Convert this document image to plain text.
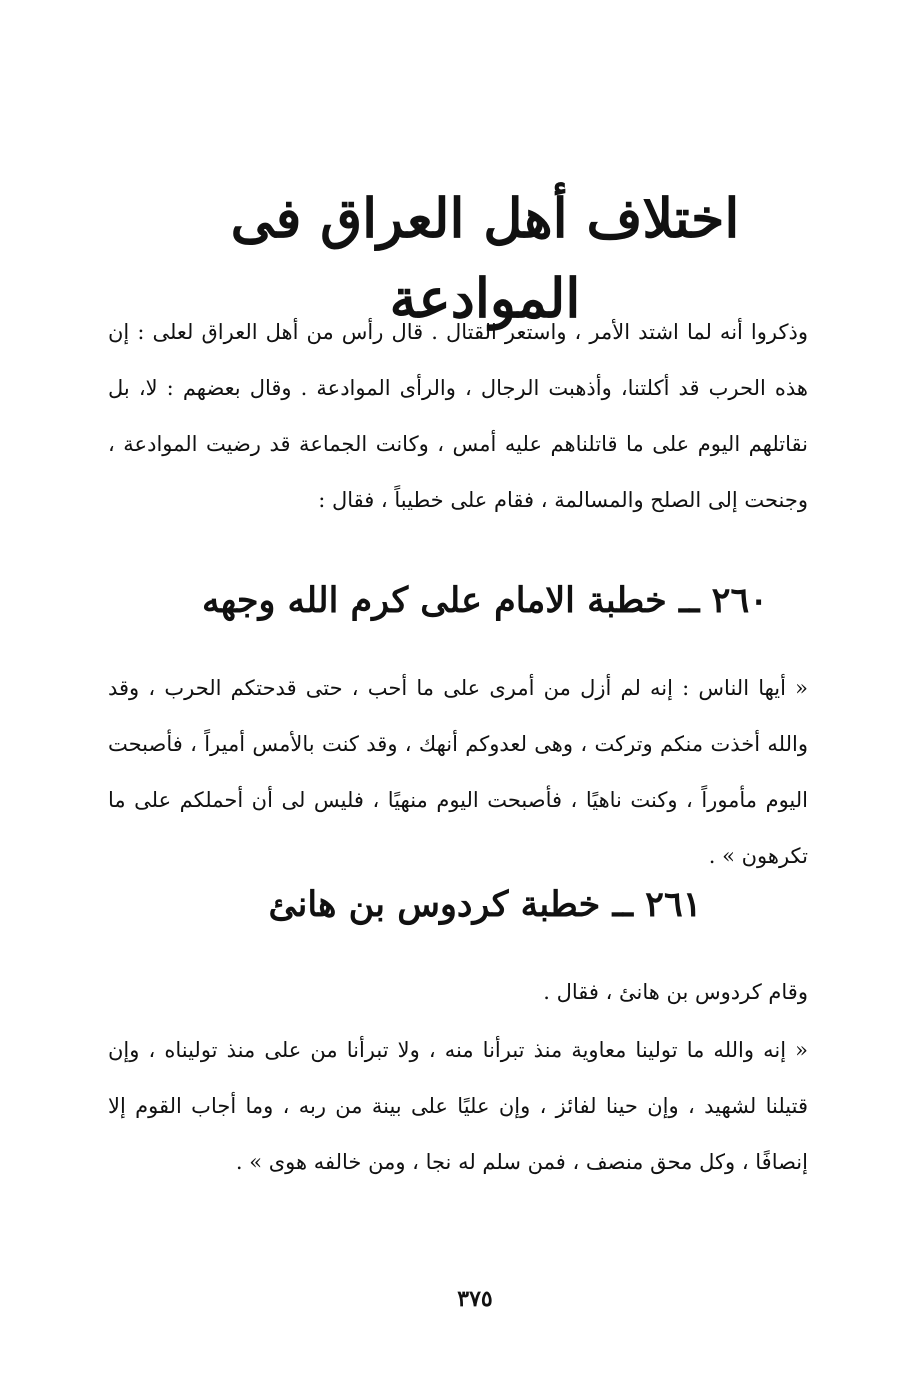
اختلاف أهل العراق فى الموادعة

وذكروا أنه لما اشتد الأمر ، واستعر القتال . قال رأس من أهل العراق لعلى : إن هذه الحرب قد أكلتنا، وأذهبت الرجال ، والرأى الموادعة . وقال بعضهم : لا، بل نقاتلهم اليوم على ما قاتلناهم عليه أمس ، وكانت الجماعة قد رضيت الموادعة ، وجنحت إلى الصلح والمسالمة ، فقام على خطيباً ، فقال :

٢٦٠ ــ خطبة الامام على كرم الله وجهه

« أيها الناس : إنه لم أزل من أمرى على ما أحب ، حتى قدحتكم الحرب ، وقد والله أخذت منكم وتركت ، وهى لعدوكم أنهك ، وقد كنت بالأمس أميراً ، فأصبحت اليوم مأموراً ، وكنت ناهيًا ، فأصبحت اليوم منهيًا ، فليس لى أن أحملكم على ما تكرهون » .

٢٦١ ــ خطبة كردوس بن هانئ

وقام كردوس بن هانئ ، فقال .

« إنه والله ما تولينا معاوية منذ تبرأنا منه ، ولا تبرأنا من على منذ توليناه ، وإن قتيلنا لشهيد ، وإن حينا لفائز ، وإن عليًا على بينة من ربه ، وما أجاب القوم إلا إنصافًا ، وكل محق منصف ، فمن سلم له نجا ، ومن خالفه هوى » .

٣٧٥
